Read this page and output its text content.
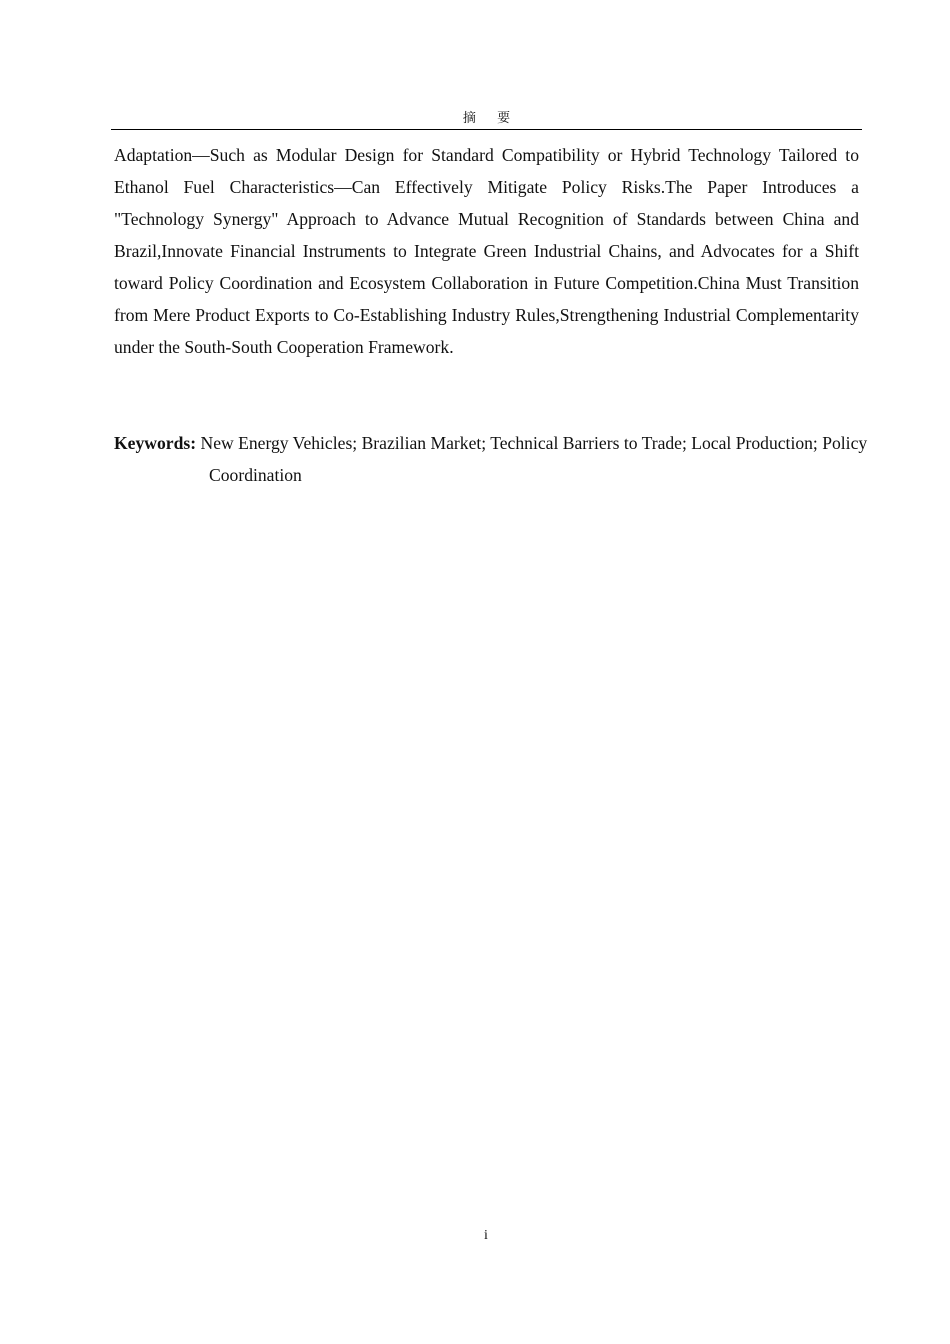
摘 要

Adaptation—Such as Modular Design for Standard Compatibility or Hybrid Technology Tailored to Ethanol Fuel Characteristics—Can Effectively Mitigate Policy Risks.The Paper Introduces a "Technology Synergy" Approach to Advance Mutual Recognition of Standards between China and Brazil,Innovate Financial Instruments to Integrate Green Industrial Chains, and Advocates for a Shift toward Policy Coordination and Ecosystem Collaboration in Future Competition.China Must Transition from Mere Product Exports to Co-Establishing Industry Rules,Strengthening Industrial Complementarity under the South-South Cooperation Framework.

Keywords: New Energy Vehicles; Brazilian Market; Technical Barriers to Trade; Local Production; Policy Coordination
i
